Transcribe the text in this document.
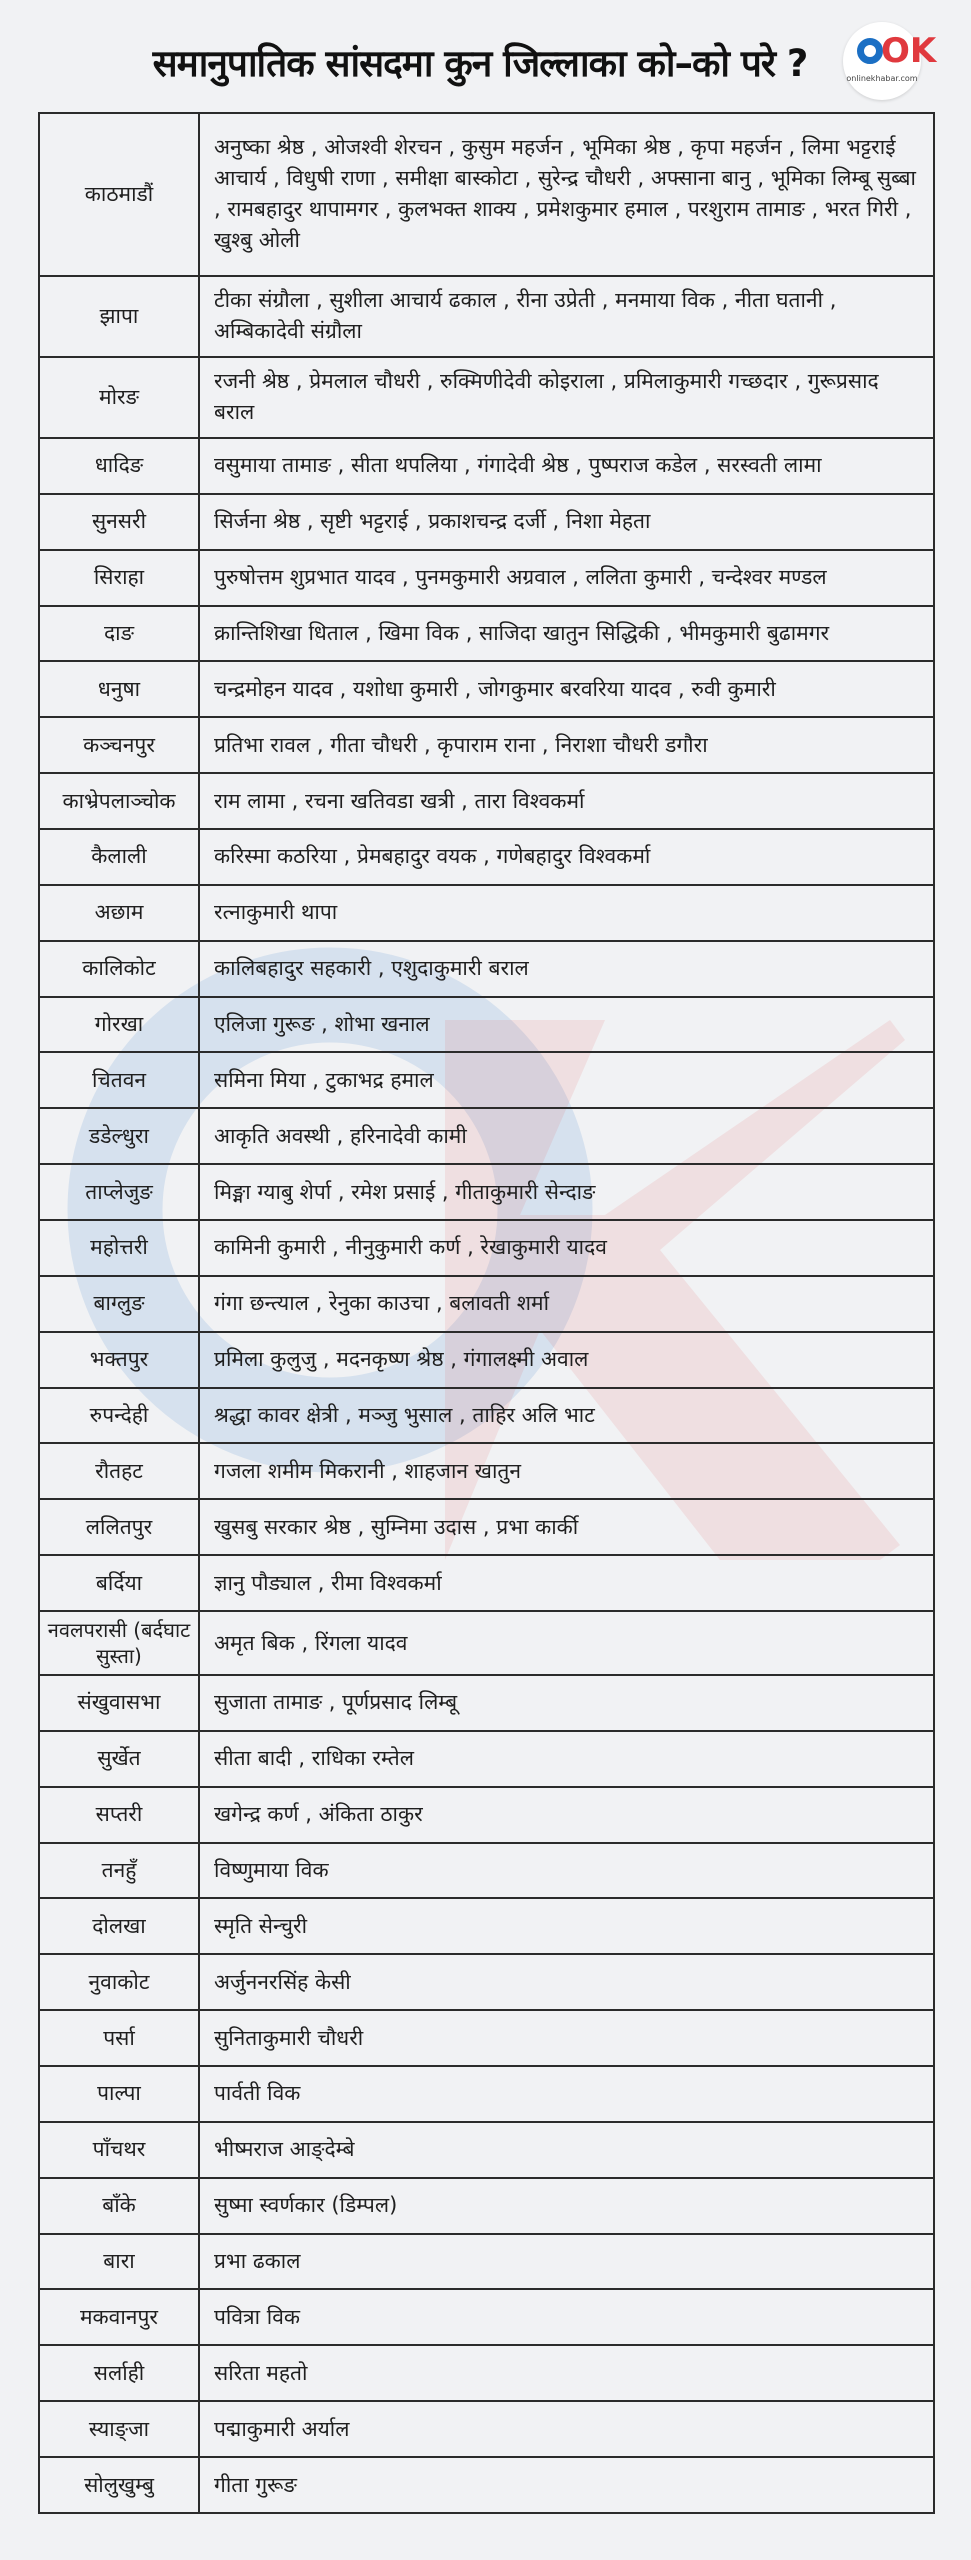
समानुपातिक सांसदमा कुन जिल्लाका को–को परे ?	OK
onlinekhabar.com
काठमाडौं	अनुष्का श्रेष्ठ , ओजश्वी शेरचन , कुसुम महर्जन , भूमिका श्रेष्ठ , कृपा महर्जन , लिमा भट्टराई आचार्य , विधुषी राणा , समीक्षा बास्कोटा , सुरेन्द्र चौधरी , अफ्साना बानु , भूमिका लिम्बू सुब्बा , रामबहादुर थापामगर , कुलभक्त शाक्य , प्रमेशकुमार हमाल , परशुराम तामाङ , भरत गिरी , खुश्बु ओली
झापा	टीका संग्रौला , सुशीला आचार्य ढकाल , रीना उप्रेती , मनमाया विक , नीता घतानी , अम्बिकादेवी संग्रौला
मोरङ	रजनी श्रेष्ठ , प्रेमलाल चौधरी , रुक्मिणीदेवी कोइराला , प्रमिलाकुमारी गच्छदार , गुरूप्रसाद बराल
धादिङ	वसुमाया तामाङ , सीता थपलिया , गंगादेवी श्रेष्ठ , पुष्पराज कडेल , सरस्वती लामा
सुनसरी	सिर्जना श्रेष्ठ , सृष्टी भट्टराई , प्रकाशचन्द्र दर्जी , निशा मेहता
सिराहा	पुरुषोत्तम शुप्रभात यादव , पुनमकुमारी अग्रवाल , ललिता कुमारी , चन्देश्वर मण्डल
दाङ	क्रान्तिशिखा धिताल , खिमा विक , साजिदा खातुन सिद्धिकी , भीमकुमारी बुढामगर
धनुषा	चन्द्रमोहन यादव , यशोधा कुमारी , जोगकुमार बरवरिया यादव , रुवी कुमारी
कञ्चनपुर	प्रतिभा रावल , गीता चौधरी , कृपाराम राना , निराशा चौधरी डगौरा
काभ्रेपलाञ्चोक	राम लामा , रचना खतिवडा खत्री , तारा विश्वकर्मा
कैलाली	करिस्मा कठरिया , प्रेमबहादुर वयक , गणेबहादुर विश्वकर्मा
अछाम	रत्नाकुमारी थापा
कालिकोट	कालिबहादुर सहकारी , एशुदाकुमारी बराल
गोरखा	एलिजा गुरूङ , शोभा खनाल
चितवन	समिना मिया , टुकाभद्र हमाल
डडेल्धुरा	आकृति अवस्थी , हरिनादेवी कामी
ताप्लेजुङ	मिङ्मा ग्याबु शेर्पा , रमेश प्रसाई , गीताकुमारी सेन्दाङ
महोत्तरी	कामिनी कुमारी , नीनुकुमारी कर्ण , रेखाकुमारी यादव
बाग्लुङ	गंगा छन्त्याल , रेनुका काउचा , बलावती शर्मा
भक्तपुर	प्रमिला कुलुजु , मदनकृष्ण श्रेष्ठ , गंगालक्ष्मी अवाल
रुपन्देही	श्रद्धा कावर क्षेत्री , मञ्जु भुसाल , ताहिर अलि भाट
रौतहट	गजला शमीम मिकरानी , शाहजान खातुन
ललितपुर	खुसबु सरकार श्रेष्ठ , सुम्निमा उदास , प्रभा कार्की
बर्दिया	ज्ञानु पौड्याल , रीमा विश्वकर्मा
नवलपरासी (बर्दघाट सुस्ता)	अमृत बिक , रिंगला यादव
संखुवासभा	सुजाता तामाङ , पूर्णप्रसाद लिम्बू
सुर्खेत	सीता बादी , राधिका रम्तेल
सप्तरी	खगेन्द्र कर्ण , अंकिता ठाकुर
तनहुँ	विष्णुमाया विक
दोलखा	स्मृति सेन्चुरी
नुवाकोट	अर्जुननरसिंह केसी
पर्सा	सुनिताकुमारी चौधरी
पाल्पा	पार्वती विक
पाँचथर	भीष्मराज आङ्देम्बे
बाँके	सुष्मा स्वर्णकार (डिम्पल)
बारा	प्रभा ढकाल
मकवानपुर	पवित्रा विक
सर्लाही	सरिता महतो
स्याङ्जा	पद्माकुमारी अर्याल
सोलुखुम्बु	गीता गुरूङ
